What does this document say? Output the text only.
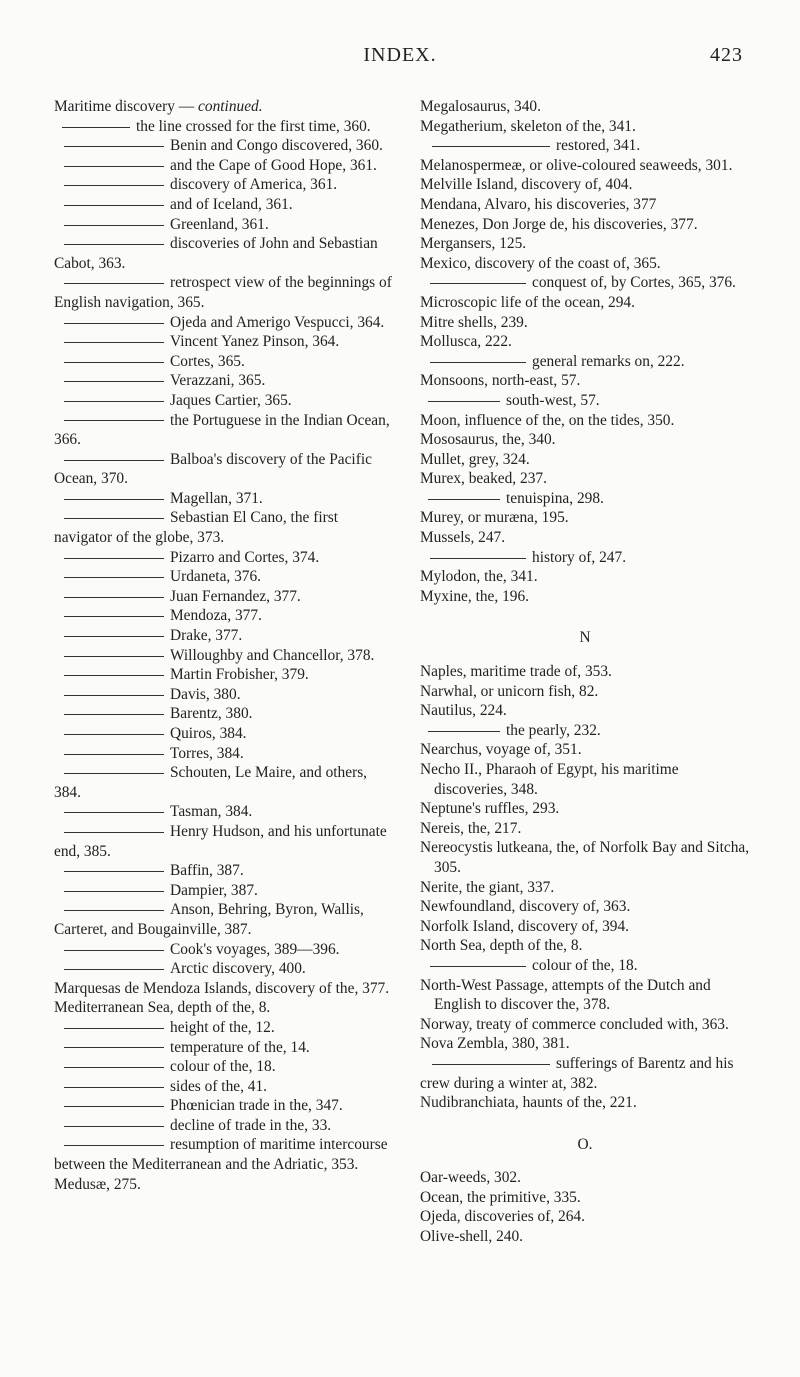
INDEX.	423
Maritime discovery — continued.
the line crossed for the first time, 360.
Benin and Congo discovered, 360.
and the Cape of Good Hope, 361.
discovery of America, 361.
and of Iceland, 361.
Greenland, 361.
discoveries of John and Sebastian Cabot, 363.
retrospect view of the beginnings of English navigation, 365.
Ojeda and Amerigo Vespucci, 364.
Vincent Yanez Pinson, 364.
Cortes, 365.
Verazzani, 365.
Jaques Cartier, 365.
the Portuguese in the Indian Ocean, 366.
Balboa's discovery of the Pacific Ocean, 370.
Magellan, 371.
Sebastian El Cano, the first navigator of the globe, 373.
Pizarro and Cortes, 374.
Urdaneta, 376.
Juan Fernandez, 377.
Mendoza, 377.
Drake, 377.
Willoughby and Chancellor, 378.
Martin Frobisher, 379.
Davis, 380.
Barentz, 380.
Quiros, 384.
Torres, 384.
Schouten, Le Maire, and others, 384.
Tasman, 384.
Henry Hudson, and his unfortunate end, 385.
Baffin, 387.
Dampier, 387.
Anson, Behring, Byron, Wallis, Carteret, and Bougainville, 387.
Cook's voyages, 389—396.
Arctic discovery, 400.
Marquesas de Mendoza Islands, discovery of the, 377.
Mediterranean Sea, depth of the, 8.
height of the, 12.
temperature of the, 14.
colour of the, 18.
sides of the, 41.
Phœnician trade in the, 347.
decline of trade in the, 33.
resumption of maritime intercourse between the Mediterranean and the Adriatic, 353.
Medusæ, 275.
Megalosaurus, 340.
Megatherium, skeleton of the, 341.
restored, 341.
Melanospermeæ, or olive-coloured seaweeds, 301.
Melville Island, discovery of, 404.
Mendana, Alvaro, his discoveries, 377
Menezes, Don Jorge de, his discoveries, 377.
Mergansers, 125.
Mexico, discovery of the coast of, 365.
conquest of, by Cortes, 365, 376.
Microscopic life of the ocean, 294.
Mitre shells, 239.
Mollusca, 222.
general remarks on, 222.
Monsoons, north-east, 57.
south-west, 57.
Moon, influence of the, on the tides, 350.
Mososaurus, the, 340.
Mullet, grey, 324.
Murex, beaked, 237.
tenuispina, 298.
Murey, or muræna, 195.
Mussels, 247.
history of, 247.
Mylodon, the, 341.
Myxine, the, 196.
N
Naples, maritime trade of, 353.
Narwhal, or unicorn fish, 82.
Nautilus, 224.
the pearly, 232.
Nearchus, voyage of, 351.
Necho II., Pharaoh of Egypt, his maritime discoveries, 348.
Neptune's ruffles, 293.
Nereis, the, 217.
Nereocystis lutkeana, the, of Norfolk Bay and Sitcha, 305.
Nerite, the giant, 337.
Newfoundland, discovery of, 363.
Norfolk Island, discovery of, 394.
North Sea, depth of the, 8.
colour of the, 18.
North-West Passage, attempts of the Dutch and English to discover the, 378.
Norway, treaty of commerce concluded with, 363.
Nova Zembla, 380, 381.
sufferings of Barentz and his crew during a winter at, 382.
Nudibranchiata, haunts of the, 221.
O.
Oar-weeds, 302.
Ocean, the primitive, 335.
Ojeda, discoveries of, 264.
Olive-shell, 240.
